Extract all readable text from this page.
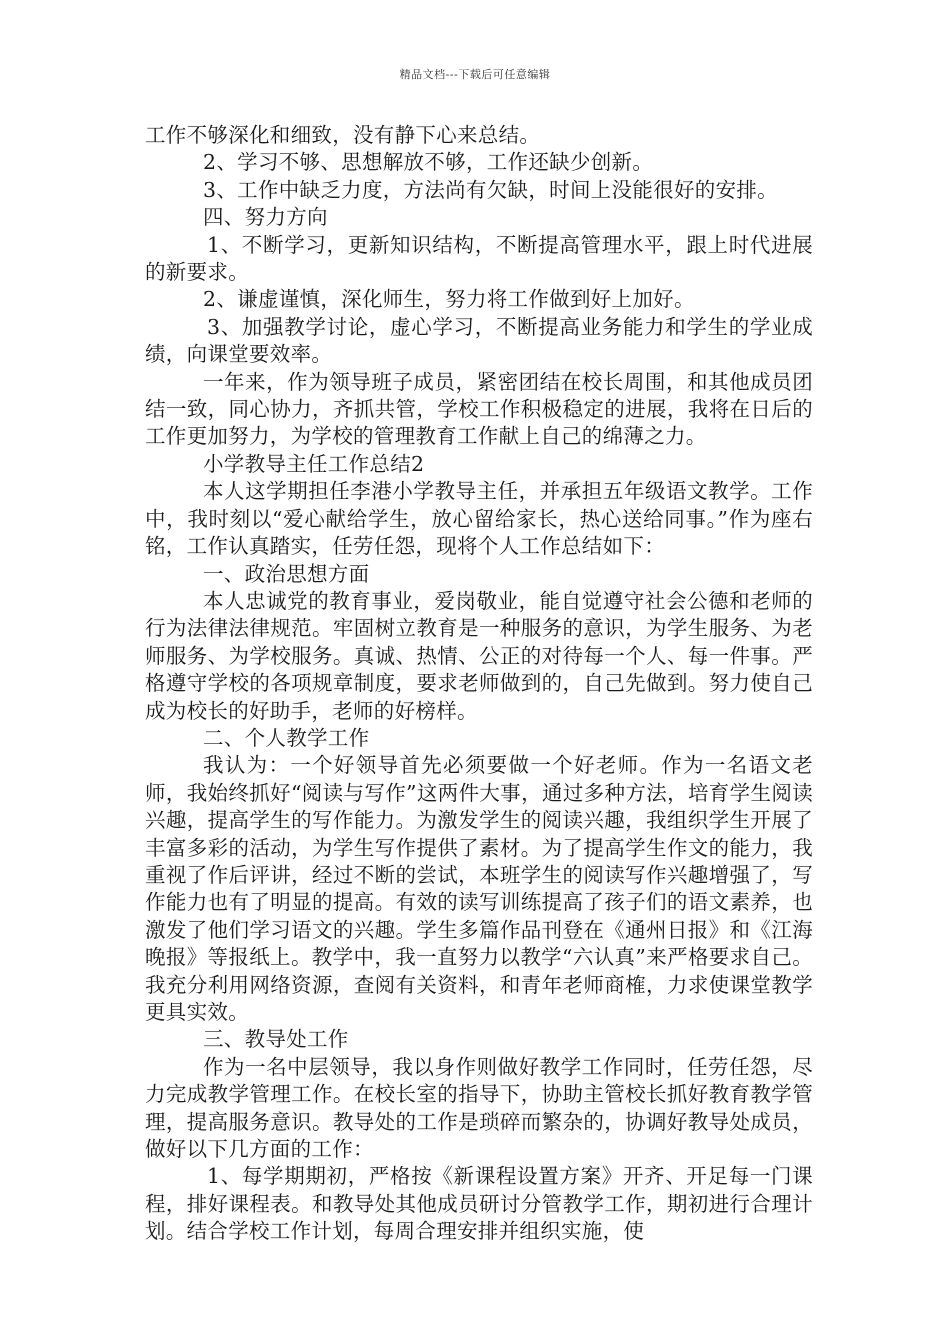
精品文档---下载后可任意编辑

工作不够深化和细致，没有静下心来总结。

2、学习不够、思想解放不够，工作还缺少创新。

3、工作中缺乏力度，方法尚有欠缺，时间上没能很好的安排。

四、努力方向

1、不断学习，更新知识结构，不断提高管理水平，跟上时代进展的新要求。

2、谦虚谨慎，深化师生，努力将工作做到好上加好。

3、加强教学讨论，虚心学习，不断提高业务能力和学生的学业成绩，向课堂要效率。

一年来，作为领导班子成员，紧密团结在校长周围，和其他成员团结一致，同心协力，齐抓共管，学校工作积极稳定的进展，我将在日后的工作更加努力，为学校的管理教育工作献上自己的绵薄之力。

小学教导主任工作总结2

本人这学期担任李港小学教导主任，并承担五年级语文教学。工作中，我时刻以“爱心献给学生，放心留给家长，热心送给同事。”作为座右铭，工作认真踏实，任劳任怨，现将个人工作总结如下：

一、政治思想方面

本人忠诚党的教育事业，爱岗敬业，能自觉遵守社会公德和老师的行为法律法律规范。牢固树立教育是一种服务的意识，为学生服务、为老师服务、为学校服务。真诚、热情、公正的对待每一个人、每一件事。严格遵守学校的各项规章制度，要求老师做到的，自己先做到。努力使自己成为校长的好助手，老师的好榜样。

二、个人教学工作

我认为：一个好领导首先必须要做一个好老师。作为一名语文老师，我始终抓好“阅读与写作”这两件大事，通过多种方法，培育学生阅读兴趣，提高学生的写作能力。为激发学生的阅读兴趣，我组织学生开展了丰富多彩的活动，为学生写作提供了素材。为了提高学生作文的能力，我重视了作后评讲，经过不断的尝试，本班学生的阅读写作兴趣增强了，写作能力也有了明显的提高。有效的读写训练提高了孩子们的语文素养，也激发了他们学习语文的兴趣。学生多篇作品刊登在《通州日报》和《江海晚报》等报纸上。教学中，我一直努力以教学“六认真”来严格要求自己。我充分利用网络资源，查阅有关资料，和青年老师商榷，力求使课堂教学更具实效。

三、教导处工作

作为一名中层领导，我以身作则做好教学工作同时，任劳任怨，尽力完成教学管理工作。在校长室的指导下，协助主管校长抓好教育教学管理，提高服务意识。教导处的工作是琐碎而繁杂的，协调好教导处成员，做好以下几方面的工作：

1、每学期期初，严格按《新课程设置方案》开齐、开足每一门课程，排好课程表。和教导处其他成员研讨分管教学工作，期初进行合理计划。结合学校工作计划，每周合理安排并组织实施，使
